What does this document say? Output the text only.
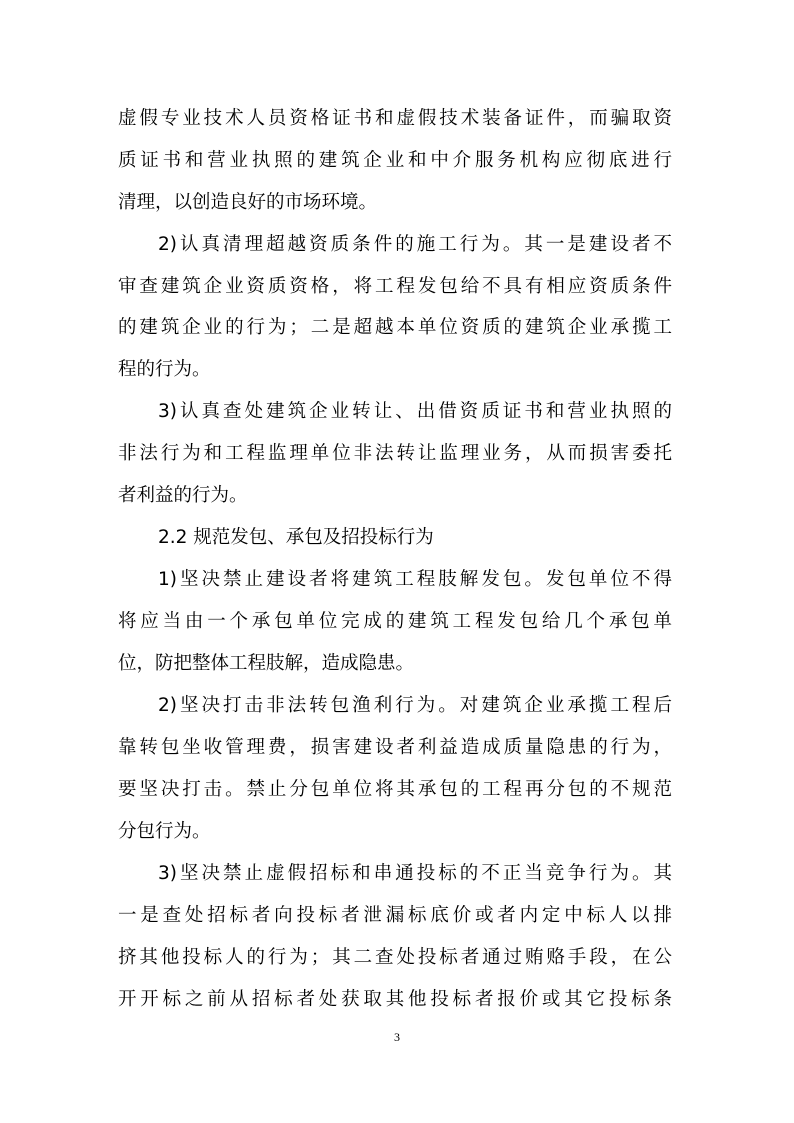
虚假专业技术人员资格证书和虚假技术装备证件，而骗取资
质证书和营业执照的建筑企业和中介服务机构应彻底进行
清理，以创造良好的市场环境。
2)认真清理超越资质条件的施工行为。其一是建设者不
审查建筑企业资质资格，将工程发包给不具有相应资质条件
的建筑企业的行为；二是超越本单位资质的建筑企业承揽工
程的行为。
3)认真查处建筑企业转让、出借资质证书和营业执照的
非法行为和工程监理单位非法转让监理业务，从而损害委托
者利益的行为。
2.2 规范发包、承包及招投标行为
1)坚决禁止建设者将建筑工程肢解发包。发包单位不得
将应当由一个承包单位完成的建筑工程发包给几个承包单
位，防把整体工程肢解，造成隐患。
2)坚决打击非法转包渔利行为。对建筑企业承揽工程后
靠转包坐收管理费，损害建设者利益造成质量隐患的行为，
要坚决打击。禁止分包单位将其承包的工程再分包的不规范
分包行为。
3)坚决禁止虚假招标和串通投标的不正当竞争行为。其
一是查处招标者向投标者泄漏标底价或者内定中标人以排
挤其他投标人的行为；其二查处投标者通过贿赂手段，在公
开开标之前从招标者处获取其他投标者报价或其它投标条
3
